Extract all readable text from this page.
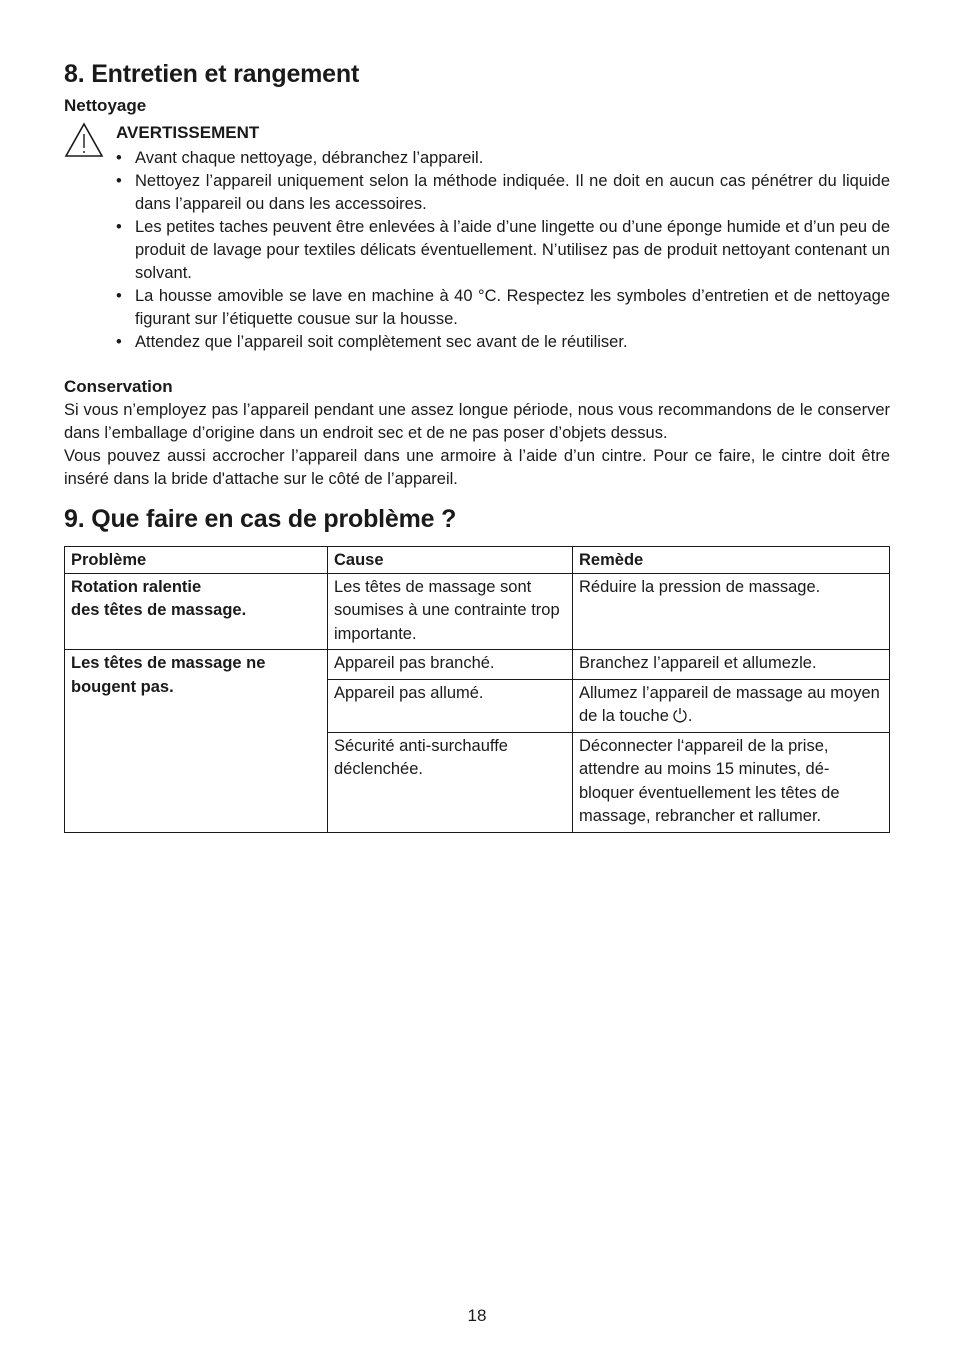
8. Entretien et rangement
Nettoyage
AVERTISSEMENT
• Avant chaque nettoyage, débranchez l’appareil.
• Nettoyez l’appareil uniquement selon la méthode indiquée. Il ne doit en aucun cas pénétrer du liquide dans l’appareil ou dans les accessoires.
• Les petites taches peuvent être enlevées à l’aide d’une lingette ou d’une éponge humide et d’un peu de produit de lavage pour textiles délicats éventuellement. N’utilisez pas de produit nettoyant contenant un solvant.
• La housse amovible se lave en machine à 40 °C. Respectez les symboles d’entretien et de nettoyage figurant sur l’étiquette cousue sur la housse.
• Attendez que l’appareil soit complètement sec avant de le réutiliser.
Conservation

Si vous n’employez pas l’appareil pendant une assez longue période, nous vous recommandons de le conserver dans l’emballage d’origine dans un endroit sec et de ne pas poser d’objets dessus.

Vous pouvez aussi accrocher l’appareil dans une armoire à l’aide d’un cintre. Pour ce faire, le cintre doit être inséré dans la bride d'attache sur le côté de l’appareil.

9. Que faire en cas de problème ?
Problème	Cause	Remède

Rotation ralentie
des têtes de massage.	Les têtes de massage sont soumises à une contrainte trop importante.	Réduire la pression de massage.
Les têtes de massage ne bougent pas.	Appareil pas branché.	Branchez l’appareil et allumezle.
	Appareil pas allumé.	Allumez l’appareil de massage au moyen de la touche .
	Sécurité anti-surchauffe déclenchée.	Déconnecter l‘appareil de la prise, attendre au moins 15 minutes, dé-bloquer éventuellement les têtes de massage, rebrancher et rallumer.
18
